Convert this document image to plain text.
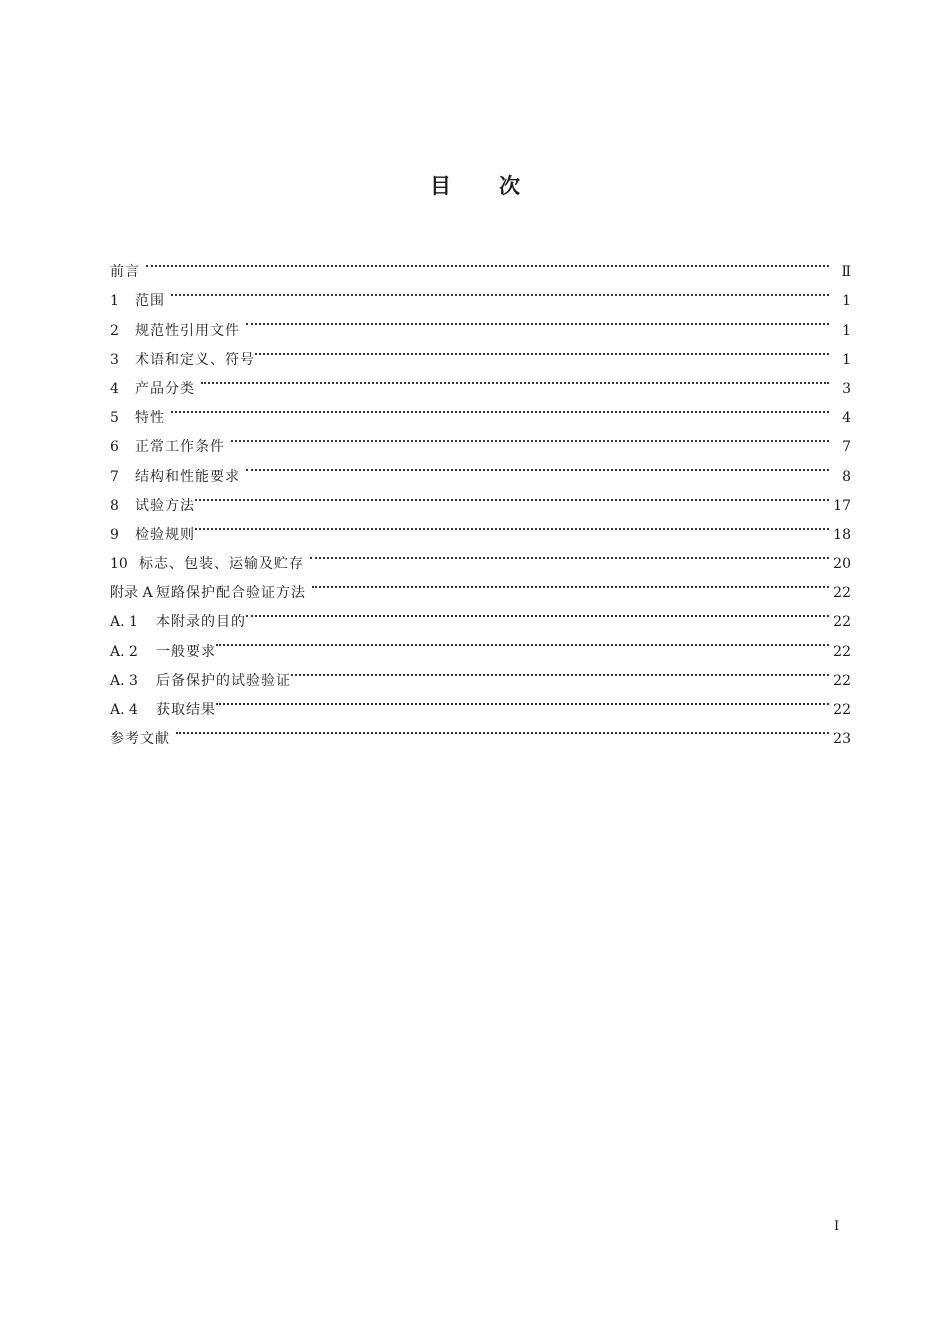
目 次
前言	Ⅱ
1	范围	1
2	规范性引用文件	1
3	术语和定义、符号	1
4	产品分类	3
5	特性	4
6	正常工作条件	7
7	结构和性能要求	8
8	试验方法	17
9	检验规则	18
10 标志、包装、运输及贮存	20
附录 A 短路保护配合验证方法	22
A. 1	本附录的目的	22
A. 2	一般要求	22
A. 3	后备保护的试验验证	22
A. 4	获取结果	22
参考文献	23
I
